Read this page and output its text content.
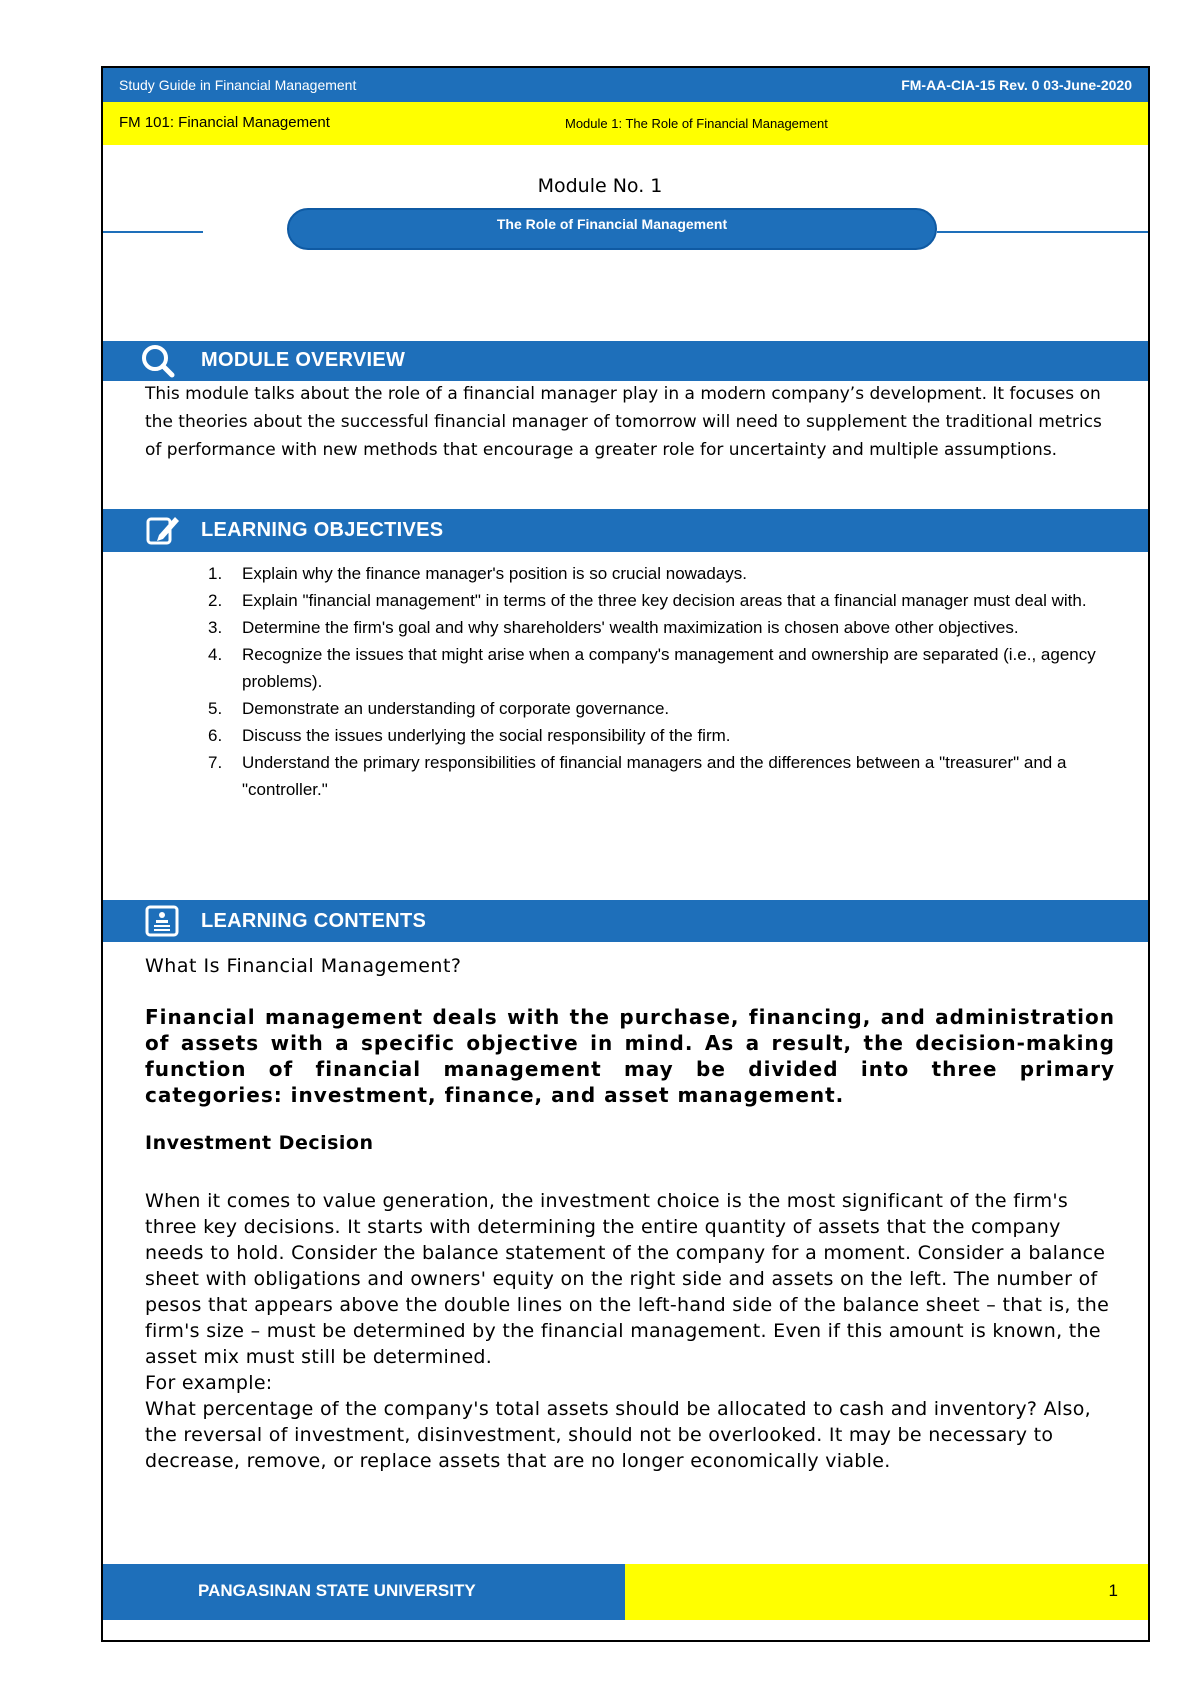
Study Guide in Financial Management	FM-AA-CIA-15 Rev. 0 03-June-2020
FM 101: Financial Management	Module 1: The Role of Financial Management
Module No. 1
The Role of Financial Management
MODULE OVERVIEW
This module talks about the role of a financial manager play in a modern company’s development. It focuses on the theories about the successful financial manager of tomorrow will need to supplement the traditional metrics of performance with new methods that encourage a greater role for uncertainty and multiple assumptions.
LEARNING OBJECTIVES
1. Explain why the finance manager's position is so crucial nowadays.
2. Explain "financial management" in terms of the three key decision areas that a financial manager must deal with.
3. Determine the firm's goal and why shareholders' wealth maximization is chosen above other objectives.
4. Recognize the issues that might arise when a company's management and ownership are separated (i.e., agency problems).
5. Demonstrate an understanding of corporate governance.
6. Discuss the issues underlying the social responsibility of the firm.
7. Understand the primary responsibilities of financial managers and the differences between a "treasurer" and a "controller."
LEARNING CONTENTS
What Is Financial Management?
Financial management deals with the purchase, financing, and administration of assets with a specific objective in mind. As a result, the decision-making function of financial management may be divided into three primary categories: investment, finance, and asset management.
Investment Decision

When it comes to value generation, the investment choice is the most significant of the firm's three key decisions. It starts with determining the entire quantity of assets that the company needs to hold. Consider the balance statement of the company for a moment. Consider a balance sheet with obligations and owners' equity on the right side and assets on the left. The number of pesos that appears above the double lines on the left-hand side of the balance sheet – that is, the firm's size – must be determined by the financial management. Even if this amount is known, the asset mix must still be determined.

For example:

What percentage of the company's total assets should be allocated to cash and inventory? Also, the reversal of investment, disinvestment, should not be overlooked. It may be necessary to decrease, remove, or replace assets that are no longer economically viable.

PANGASINAN STATE UNIVERSITY	1
